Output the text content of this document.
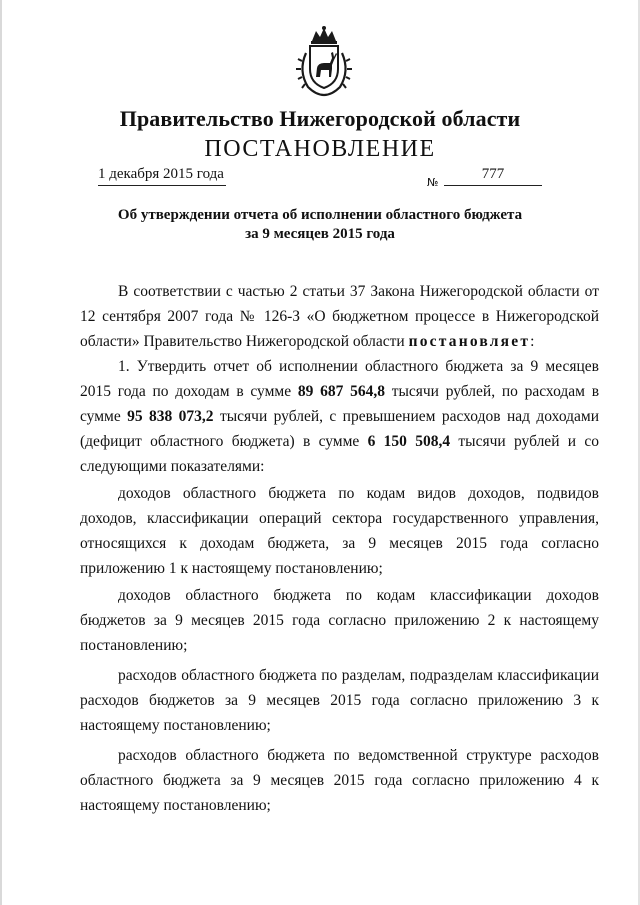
Правительство Нижегородской области
ПОСТАНОВЛЕНИЕ
1 декабря 2015 года
№
777
Об утверждении отчета об исполнении областного бюджета
за 9 месяцев 2015 года

В соответствии с частью 2 статьи 37 Закона Нижегородской области от 12 сентября 2007 года № 126-З «О бюджетном процессе в Нижегородской области» Правительство Нижегородской области постановляет:

1. Утвердить отчет об исполнении областного бюджета за 9 месяцев 2015 года по доходам в сумме 89 687 564,8 тысячи рублей, по расходам в сумме 95 838 073,2 тысячи рублей, с превышением расходов над доходами (дефицит областного бюджета) в сумме 6 150 508,4 тысячи рублей и со следующими показателями:

доходов областного бюджета по кодам видов доходов, подвидов доходов, классификации операций сектора государственного управления, относящихся к доходам бюджета, за 9 месяцев 2015 года согласно приложению 1 к настоящему постановлению;

доходов областного бюджета по кодам классификации доходов бюджетов за 9 месяцев 2015 года согласно приложению 2 к настоящему постановлению;

расходов областного бюджета по разделам, подразделам классификации расходов бюджетов за 9 месяцев 2015 года согласно приложению 3 к настоящему постановлению;

расходов областного бюджета по ведомственной структуре расходов областного бюджета за 9 месяцев 2015 года согласно приложению 4 к настоящему постановлению;
